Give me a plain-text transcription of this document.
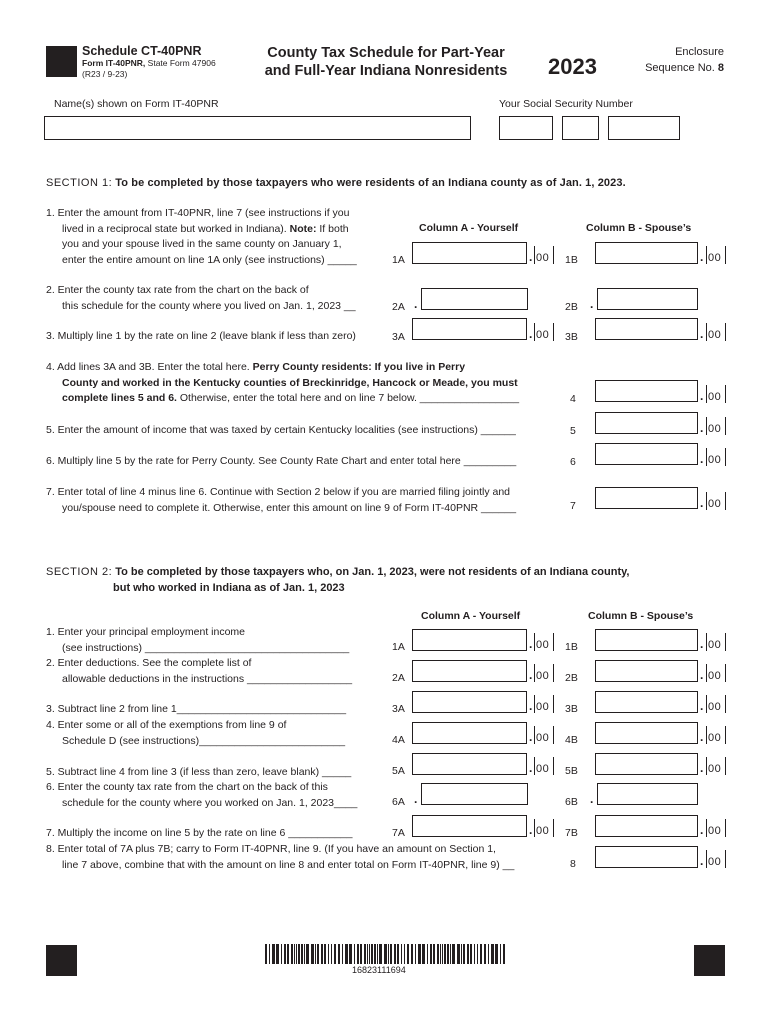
Schedule CT-40PNR
Form IT-40PNR, State Form 47906
(R23 / 9-23)
County Tax Schedule for Part-Year
and Full-Year Indiana Nonresidents	2023
Enclosure
Sequence No. 8
Name(s) shown on Form IT-40PNR	Your Social Security Number
SECTION 1: To be completed by those taxpayers who were residents of an Indiana county as of Jan. 1, 2023.
1. Enter the amount from IT-40PNR, line 7 (see instructions if you
lived in a reciprocal state but worked in Indiana). Note: If both
you and your spouse lived in the same county on January 1,
enter the entire amount on line 1A only (see instructions) _____
Column A - Yourself	Column B - Spouse’s
1A	. 00 1B	. 00
2. Enter the county tax rate from the chart on the back of
this schedule for the county where you lived on Jan. 1, 2023 __	2A .	2B .
3. Multiply line 1 by the rate on line 2 (leave blank if less than zero)	3A	. 00 3B	. 00
4. Add lines 3A and 3B. Enter the total here. Perry County residents: If you live in Perry
County and worked in the Kentucky counties of Breckinridge, Hancock or Meade, you must
complete lines 5 and 6. Otherwise, enter the total here and on line 7 below. _________________	4	. 00
5. Enter the amount of income that was taxed by certain Kentucky localities (see instructions) ______	5	. 00
6. Multiply line 5 by the rate for Perry County. See County Rate Chart and enter total here _________	6	. 00
7. Enter total of line 4 minus line 6. Continue with Section 2 below if you are married filing jointly and
you/spouse need to complete it. Otherwise, enter this amount on line 9 of Form IT-40PNR ______	7	. 00
SECTION 2: To be completed by those taxpayers who, on Jan. 1, 2023, were not residents of an Indiana county,
but who worked in Indiana as of Jan. 1, 2023
Column A - Yourself	Column B - Spouse’s
1. Enter your principal employment income
(see instructions) ___________________________________	1A	. 00 1B	. 00
2. Enter deductions. See the complete list of
allowable deductions in the instructions __________________	2A	. 00 2B	. 00
3. Subtract line 2 from line 1_____________________________	3A	. 00 3B	. 00
4. Enter some or all of the exemptions from line 9 of
Schedule D (see instructions)_________________________	4A	. 00 4B	. 00
5. Subtract line 4 from line 3 (if less than zero, leave blank) _____	5A	. 00 5B	. 00
6. Enter the county tax rate from the chart on the back of this
schedule for the county where you worked on Jan. 1, 2023____	6A .	6B .
7. Multiply the income on line 5 by the rate on line 6 ___________	7A	. 00 7B	. 00
8. Enter total of 7A plus 7B; carry to Form IT-40PNR, line 9. (If you have an amount on Section 1,
line 7 above, combine that with the amount on line 8 and enter total on Form IT-40PNR, line 9) __	8	. 00
16823111694
